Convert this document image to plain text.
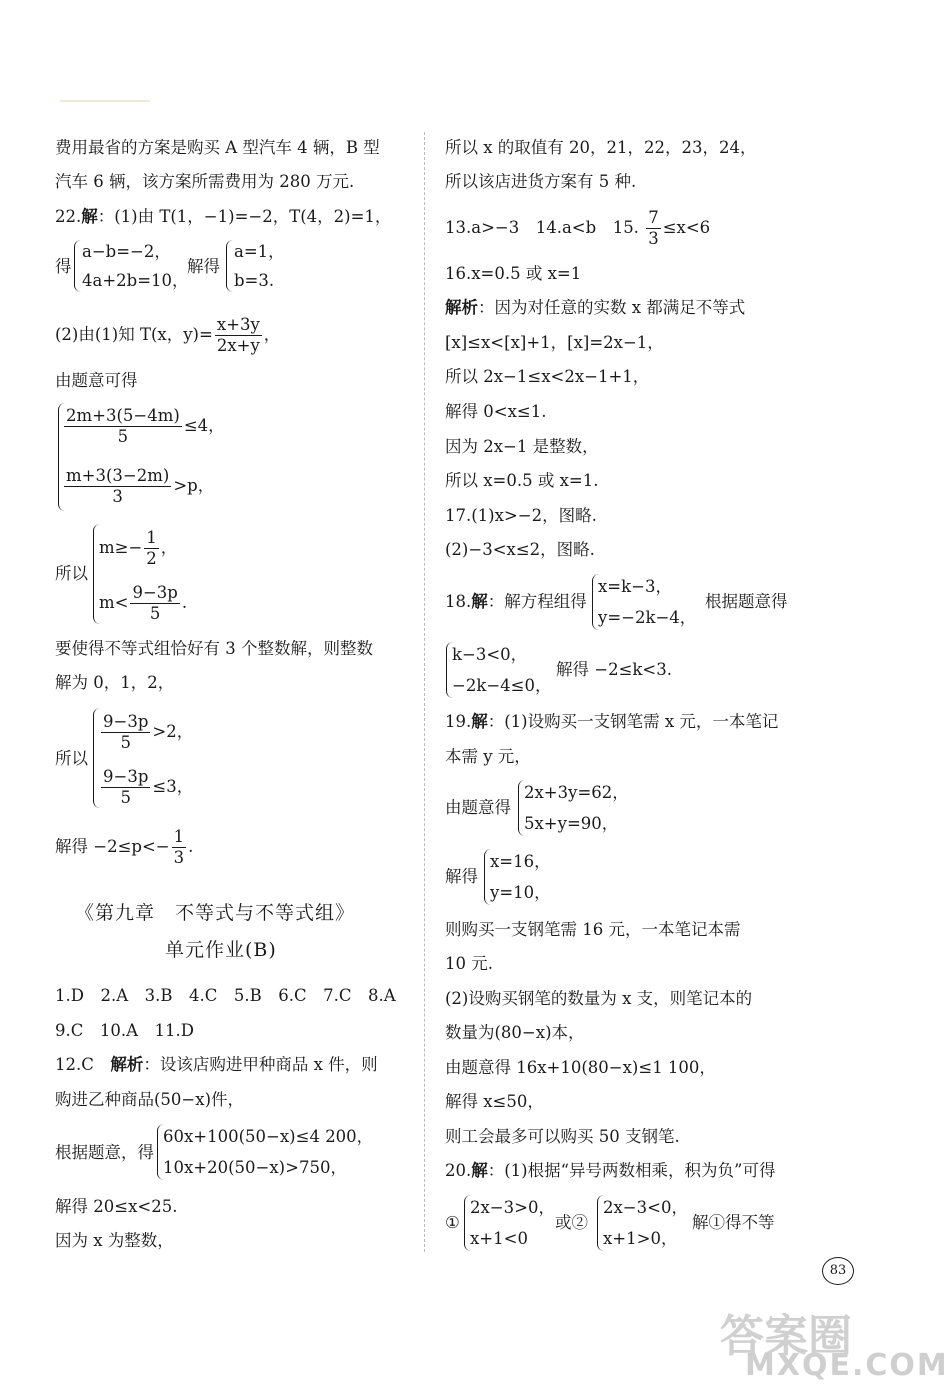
费用最省的方案是购买 A 型汽车 4 辆，B 型
汽车 6 辆，该方案所需费用为 280 万元.
22.解：(1)由 T(1，−1)=−2，T(4，2)=1，
得
a−b=−2，
4a+2b=10，
解得
a=1，
b=3.
(2)由(1)知 T(x，$y)= \frac{x+3y}{2x+y}$ ，
由题意可得
$\frac{2m+3(5-4m)}{5} \le 4$，
$\frac{m+3(3-2m)}{3} >p$，
所以
$m\ge- \frac{1}{2}$ ，
$m< \frac{9-3p}{5}$ .
要使得不等式组恰好有 3 个整数解，则整数
解为 0，1，2，
所以
$\frac{9-3p}{5} >2$，
$\frac{9-3p}{5} \le 3$，
解得 $-2\le p<- \frac{1}{3}$ .
《第九章　不等式与不等式组》
单元作业(B)
1.D　2.A　3.B　4.C　5.B　6.C　7.C　8.A
9.C　10.A　11.D
12.C　解析：设该店购进甲种商品 x 件，则
购进乙种商品(50−x)件，
根据题意，得
60x+100(50−x)≤4 200，
10x+20(50−x)>750，
解得 20≤x<25.
因为 x 为整数，
所以 x 的取值有 20，21，22，23，24，
所以该店进货方案有 5 种.
13.a>−3　14.a<b　15. $\frac{7}{3} \le x<6$
16.x=0.5 或 x=1
解析：因为对任意的实数 x 都满足不等式
[x]≤x<[x]+1，[x]=2x−1，
所以 2x−1≤x<2x−1+1，
解得 0<x≤1.
因为 2x−1 是整数，
所以 x=0.5 或 x=1.
17.(1)x>−2，图略.
(2)−3<x≤2，图略.
18.解：解方程组得
x=k−3，
y=−2k−4，
根据题意得
k−3<0，
−2k−4≤0，
解得 −2≤k<3.
19.解：(1)设购买一支钢笔需 x 元，一本笔记
本需 y 元，
由题意得
2x+3y=62，
5x+y=90，
解得
x=16，
y=10，
则购买一支钢笔需 16 元，一本笔记本需
10 元.
(2)设购买钢笔的数量为 x 支，则笔记本的
数量为(80−x)本，
由题意得 16x+10(80−x)≤1 100，
解得 x≤50，
则工会最多可以购买 50 支钢笔.
20.解：(1)根据“异号两数相乘，积为负”可得
①
2x−3>0，
x+1<0
或②
2x−3<0，
x+1>0，
解①得不等
83
答案圈
MXQE.COM
